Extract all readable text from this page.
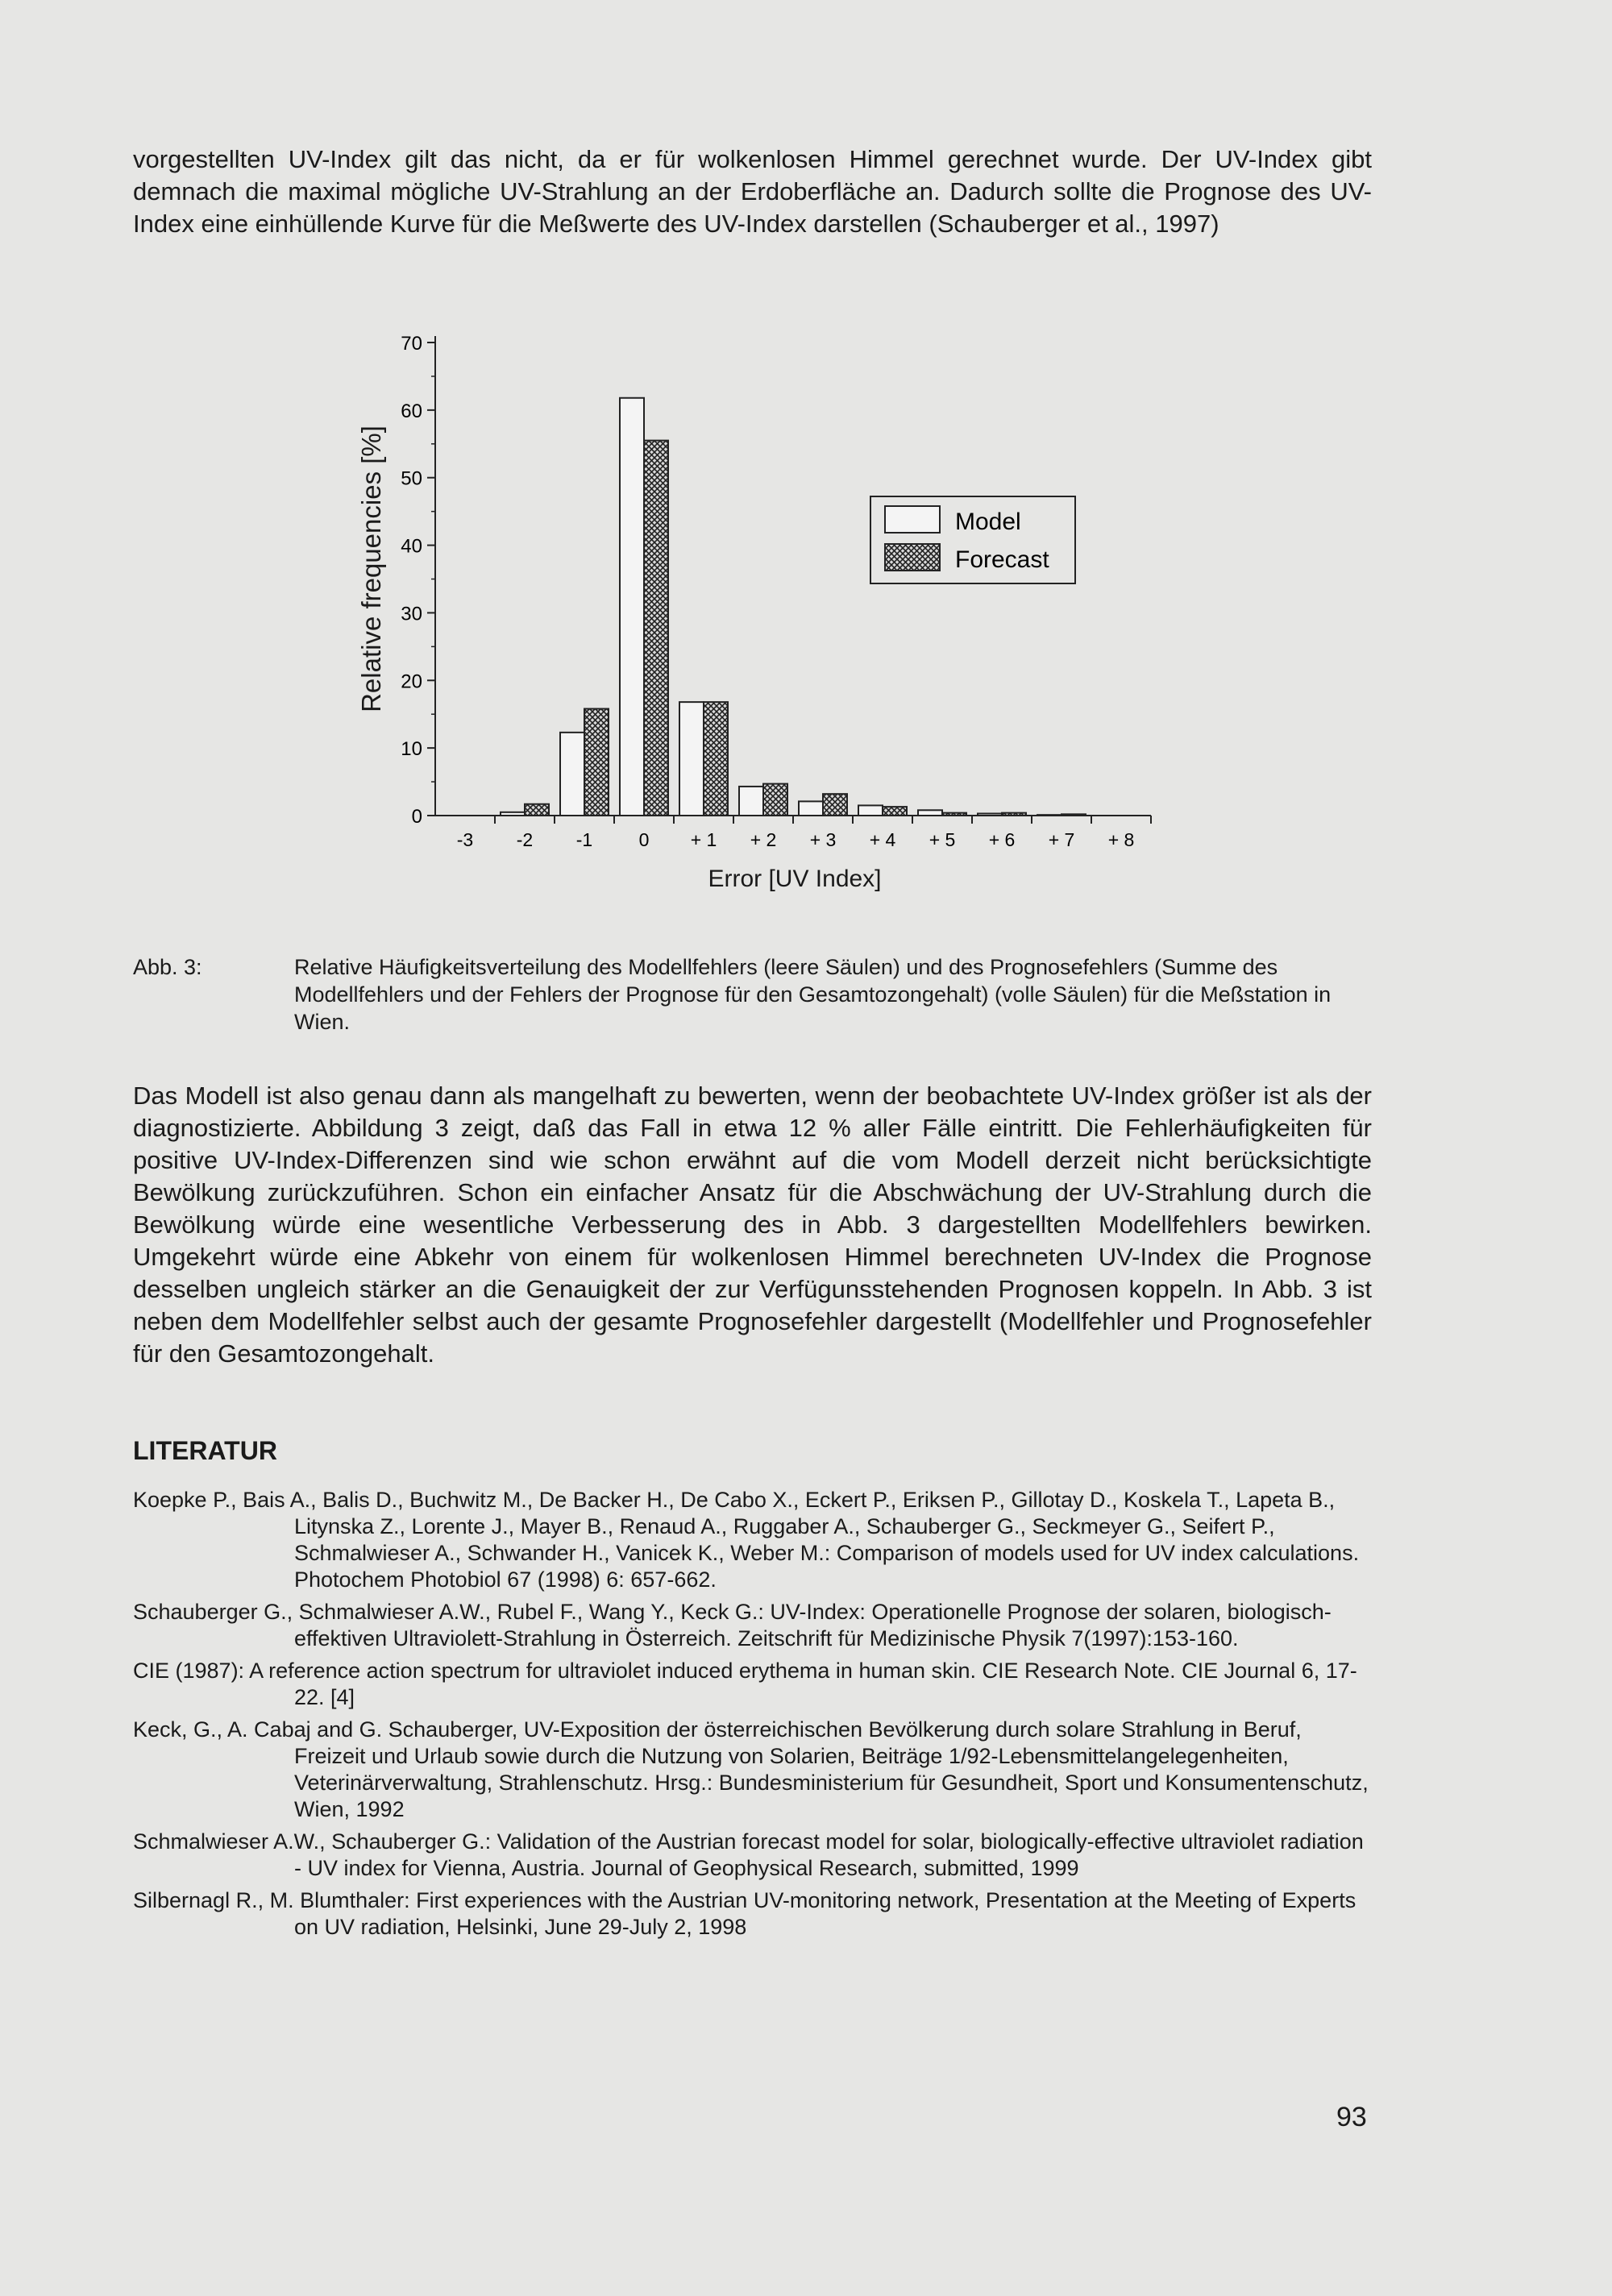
vorgestellten UV-Index gilt das nicht, da er für wolkenlosen Himmel gerechnet wurde. Der UV-Index gibt demnach die maximal mögliche UV-Strahlung an der Erdoberfläche an. Dadurch sollte die Prognose des UV-Index eine einhüllende Kurve für die Meßwerte des UV-Index darstellen (Schauberger et al., 1997)

0
10
20
30
40
50
60
70
-3 -2 -1 0 + 1 + 2 + 3 + 4 + 5 + 6 + 7 + 8
Relative frequencies [%]
Error [UV Index]
Model
Forecast
Abb. 3:	Relative Häufigkeitsverteilung des Modellfehlers (leere Säulen) und des Prognosefehlers (Summe des Modellfehlers und der Fehlers der Prognose für den Gesamtozongehalt) (volle Säulen) für die Meßstation in Wien.

Das Modell ist also genau dann als mangelhaft zu bewerten, wenn der beobachtete UV-Index größer ist als der diagnostizierte. Abbildung 3 zeigt, daß das Fall in etwa 12 % aller Fälle eintritt. Die Fehlerhäufigkeiten für positive UV-Index-Differenzen sind wie schon erwähnt auf die vom Modell derzeit nicht berücksichtigte Bewölkung zurückzuführen. Schon ein einfacher Ansatz für die Abschwächung der UV-Strahlung durch die Bewölkung würde eine wesentliche Verbesserung des in Abb. 3 dargestellten Modellfehlers bewirken. Umgekehrt würde eine Abkehr von einem für wolkenlosen Himmel berechneten UV-Index die Prognose desselben ungleich stärker an die Genauigkeit der zur Verfügunsstehenden Prognosen koppeln. In Abb. 3 ist neben dem Modellfehler selbst auch der gesamte Prognosefehler dargestellt (Modellfehler und Prognosefehler für den Gesamtozongehalt.

LITERATUR
Koepke P., Bais A., Balis D., Buchwitz M., De Backer H., De Cabo X., Eckert P., Eriksen P., Gillotay D., Koskela T., Lapeta B., Litynska Z., Lorente J., Mayer B., Renaud A., Ruggaber A., Schauberger G., Seckmeyer G., Seifert P., Schmalwieser A., Schwander H., Vanicek K., Weber M.: Comparison of models used for UV index calculations. Photochem Photobiol 67 (1998) 6: 657-662.
Schauberger G., Schmalwieser A.W., Rubel F., Wang Y., Keck G.: UV-Index: Operationelle Prognose der solaren, biologisch-effektiven Ultraviolett-Strahlung in Österreich. Zeitschrift für Medizinische Physik 7(1997):153-160.
CIE (1987): A reference action spectrum for ultraviolet induced erythema in human skin. CIE Research Note. CIE Journal 6, 17-22. [4]
Keck, G., A. Cabaj and G. Schauberger, UV-Exposition der österreichischen Bevölkerung durch solare Strahlung in Beruf, Freizeit und Urlaub sowie durch die Nutzung von Solarien, Beiträge 1/92-Lebensmittelangelegenheiten, Veterinärverwaltung, Strahlenschutz. Hrsg.: Bundesministerium für Gesundheit, Sport und Konsumentenschutz, Wien, 1992
Schmalwieser A.W., Schauberger G.: Validation of the Austrian forecast model for solar, biologically-effective ultraviolet radiation - UV index for Vienna, Austria. Journal of Geophysical Research, submitted, 1999
Silbernagl R., M. Blumthaler: First experiences with the Austrian UV-monitoring network, Presentation at the Meeting of Experts on UV radiation, Helsinki, June 29-July 2, 1998
93
